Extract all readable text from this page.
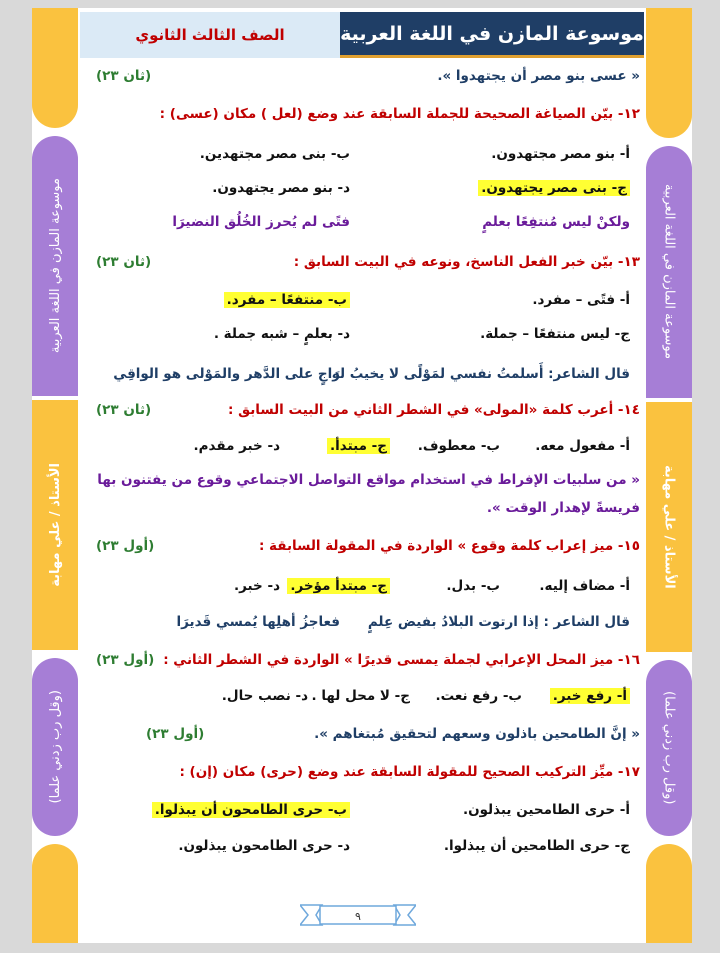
موسوعة المازن في اللغة العربية
الأستاذ / علي مهابة
(وقل رب زدني علما)
موسوعة المازن في اللغة العربية
الأستاذ / علي مهابة
(وقل رب زدني علما)
الصف الثالث الثانوي	موسوعة المازن في اللغة العربية
« عسى بنو مصر أن يجتهدوا ».
(ثان ٢٣)
١٢- بيّن الصياغة الصحيحة للجملة السابقة عند وضع (لعل ) مكان (عسى) :
أ- بنو مصر مجتهدون.
ب- بنى مصر مجتهدين.
ج- بنى مصر يجتهدون.
د- بنو مصر يجتهدون.
ولكنْ ليس مُنتفِعًا بعلمٍ
فتًى لم يُحرز الخُلُق النضيرَا
١٣- بيّن خبر الفعل الناسخ، ونوعه في البيت السابق :
(ثان ٢٣)
أ- فتًى – مفرد.
ب- منتفعًا – مفرد.
ج- ليس منتفعًا – جملة.
د- بعلمٍ – شبه جملة .
قال الشاعر: أَسلمتُ نفسي لمَوْلًى لا يخيبُ له
رَاجٍ على الدَّهر والمَوْلى هو الواقِي
١٤- أعرب كلمة «المولى» في الشطر الثاني من البيت السابق :
(ثان ٢٣)
أ- مفعول معه.
ب- معطوف.
ج- مبتدأ.
د- خبر مقدم.
« من سلبيات الإفراط في استخدام مواقع التواصل الاجتماعي وقوع من يفتنون بها
فريسةً لإهدار الوقت ».
١٥- ميز إعراب كلمة وقوع » الواردة في المقولة السابقة :
(أول ٢٣)
أ- مضاف إليه.
ب- بدل.
ج- مبتدأ مؤخر.
د- خبر.
قال الشاعر : إذا ارتوت البلادُ بفيض عِلمٍ
فعاجزُ أهلِها يُمسي قَديرَا
١٦- ميز المحل الإعرابي لجملة يمسى قديرًا » الواردة في الشطر الثاني :
(أول ٢٣)
أ- رفع خبر.
ب- رفع نعت.
ج- لا محل لها .
د- نصب حال.
« إنَّ الطامحين باذلون وسعهم لتحقيق مُبتغاهم ».
(أول ٢٣)
١٧- ميِّز التركيب الصحيح للمقولة السابقة عند وضع (حرى) مكان (إن) :
أ- حرى الطامحين يبذلون.
ب- حرى الطامحون أن يبذلوا.
ج- حرى الطامحين أن يبذلوا.
د- حرى الطامحون يبذلون.
٩
